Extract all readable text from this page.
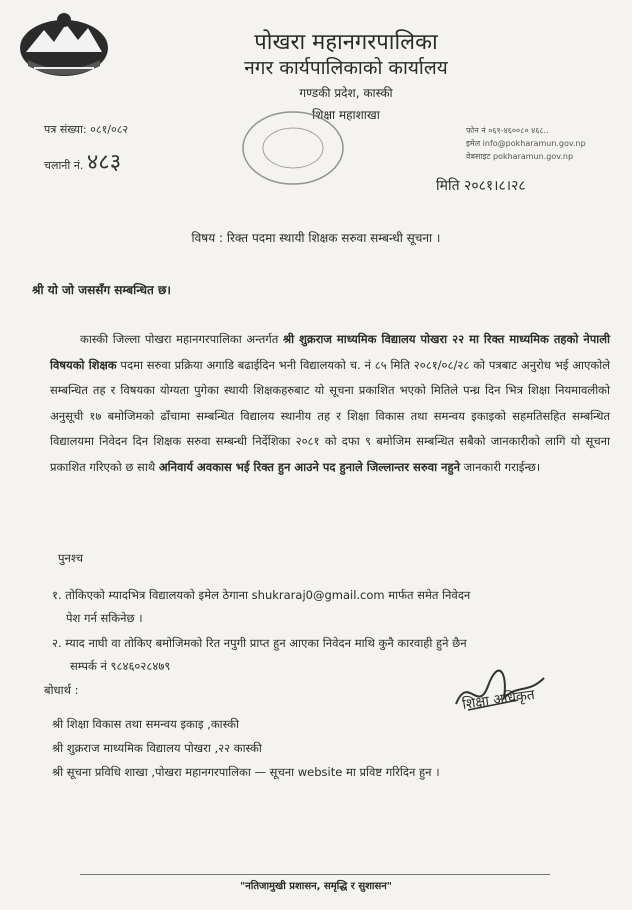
पोखरा महानगरपालिका
नगर कार्यपालिकाको कार्यालय
गण्डकी प्रदेश, कास्की
शिक्षा महाशाखा
पत्र संख्या: ०८१/०८२
चलानी नं. ४८३
फोन नं ०६१-४६००८० ४६८..
इमेल info@pokharamun.gov.np
वेबसाइट pokharamun.gov.np
मिति २०८१।८।२८
विषय : रिक्त पदमा स्थायी शिक्षक सरुवा सम्बन्धी सूचना ।
श्री यो जो जससँग सम्बन्धित छ।
कास्की जिल्ला पोखरा महानगरपालिका अन्तर्गत श्री शुक्रराज माध्यमिक विद्यालय पोखरा २२ मा रिक्त माध्यमिक तहको नेपाली विषयको शिक्षक पदमा सरुवा प्रक्रिया अगाडि बढाईदिन भनी विद्यालयको च. नं ८५ मिति २०८१/०८/२८ को पत्रबाट अनुरोध भई आएकोले सम्बन्धित तह र विषयका योग्यता पुगेका स्थायी शिक्षकहरुबाट यो सूचना प्रकाशित भएको मितिले पन्ध्र दिन भित्र शिक्षा नियमावलीको अनुसूची १७ बमोजिमको ढाँचामा सम्बन्धित विद्यालय स्थानीय तह र शिक्षा विकास तथा समन्वय इकाइको सहमतिसहित सम्बन्धित विद्यालयमा निवेदन दिन शिक्षक सरुवा सम्बन्धी निर्देशिका २०८१ को दफा ९ बमोजिम सम्बन्धित सबैको जानकारीको लागि यो सूचना प्रकाशित गरिएको छ साथै अनिवार्य अवकास भई रिक्त हुन आउने पद हुनाले जिल्लान्तर सरुवा नहुने जानकारी गराईन्छ।
पुनश्च
१. तोकिएको म्यादभित्र विद्यालयको इमेल ठेगाना shukraraj0@gmail.com मार्फत समेत निवेदन
पेश गर्न सकिनेछ ।
२. म्याद नाघी वा तोकिए बमोजिमको रित नपुगी प्राप्त हुन आएका निवेदन माथि कुनै कारवाही हुने छैन
सम्पर्क नं ९८४६०२८४७९
शिक्षा अधिकृत
बोधार्थ :
श्री शिक्षा विकास तथा समन्वय इकाइ ,कास्की
श्री शुक्रराज माध्यमिक विद्यालय पोखरा ,२२ कास्की
श्री सूचना प्रविधि शाखा ,पोखरा महानगरपालिका — सूचना website मा प्रविष्ट गरिदिन हुन ।
"नतिजामुखी प्रशासन, समृद्धि र सुशासन"
